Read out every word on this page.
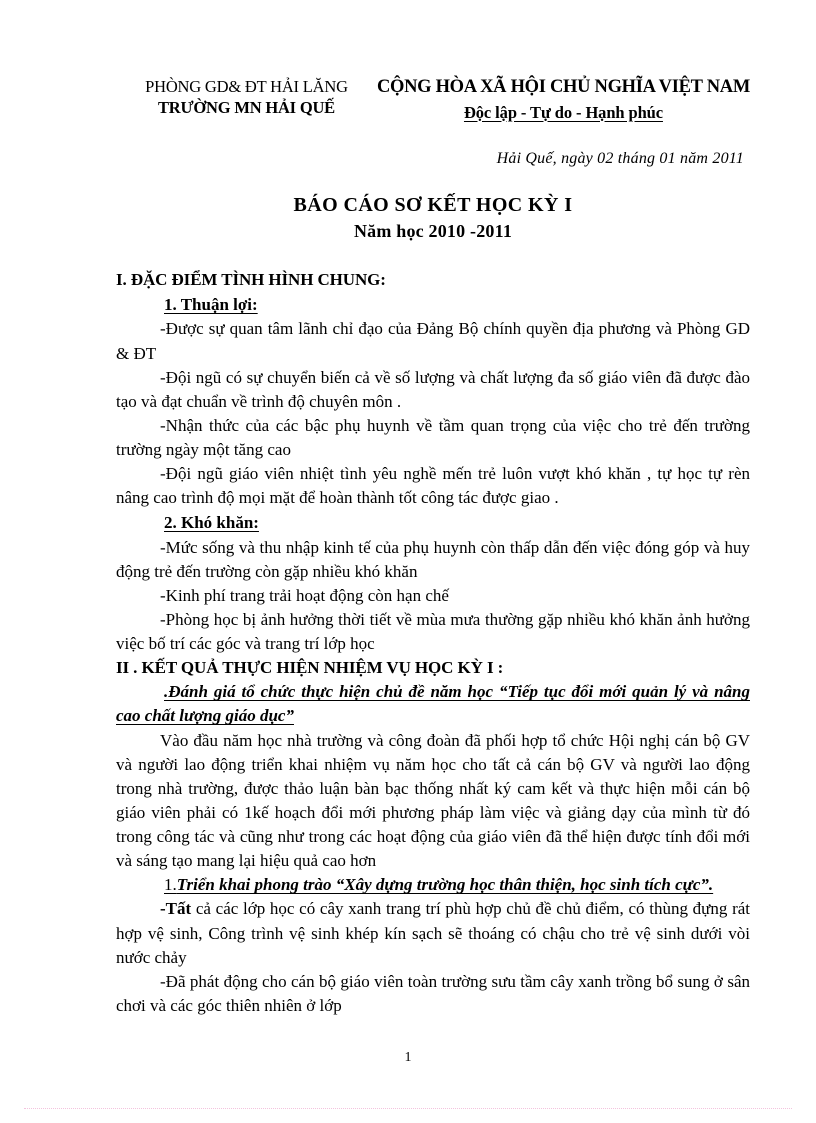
PHÒNG GD& ĐT HẢI LĂNG
TRƯỜNG MN HẢI QUẾ
CỘNG HÒA XÃ HỘI CHỦ NGHĨA VIỆT NAM
Độc lập - Tự do - Hạnh phúc
Hải Quế, ngày 02 tháng 01 năm 2011
BÁO CÁO SƠ KẾT HỌC KỲ I
Năm học 2010 -2011

I. ĐẶC ĐIỂM TÌNH HÌNH CHUNG:

1. Thuận lợi:

-Được sự quan tâm lãnh chỉ đạo của Đảng Bộ chính quyền địa phương và Phòng GD & ĐT

-Đội ngũ có sự chuyển biến cả về số lượng và chất lượng đa số giáo viên đã được đào tạo và đạt chuẩn về trình độ chuyên môn .

-Nhận thức của các bậc phụ huynh về tầm quan trọng của việc cho trẻ đến trường trường ngày một tăng cao

-Đội ngũ giáo viên nhiệt tình yêu nghề mến trẻ luôn vượt khó khăn , tự học tự rèn nâng cao trình độ mọi mặt để hoàn thành tốt công tác được giao .

2. Khó khăn:

-Mức sống và thu nhập kinh tế của phụ huynh còn thấp dẫn đến việc đóng góp và huy động trẻ đến trường còn gặp nhiều khó khăn

-Kinh phí trang trải hoạt động còn hạn chế

-Phòng học bị ảnh hưởng thời tiết về mùa mưa thường gặp nhiều khó khăn ảnh hưởng việc bố trí các góc và trang trí lớp học

II . KẾT QUẢ THỰC HIỆN NHIỆM VỤ HỌC KỲ I :

.Đánh giá tổ chức thực hiện chủ đề năm học “Tiếp tục đổi mới quản lý và nâng cao chất lượng giáo dục”

Vào đầu năm học nhà trường và công đoàn đã phối hợp tổ chức Hội nghị cán bộ GV và người lao động triển khai nhiệm vụ năm học cho tất cả cán bộ GV và người lao động trong nhà trường, được thảo luận bàn bạc thống nhất ký cam kết và thực hiện mỗi cán bộ giáo viên phải có 1kế hoạch đổi mới phương pháp làm việc và giảng dạy của mình từ đó trong công tác và cũng như trong các hoạt động của giáo viên đã thể hiện được tính đổi mới và sáng tạo mang lại hiệu quả cao hơn

1.Triển khai phong trào “Xây dựng trường học thân thiện, học sinh tích cực”.

-Tất cả các lớp học có cây xanh trang trí phù hợp chủ đề chủ điểm, có thùng đựng rát hợp vệ sinh, Công trình vệ sinh khép kín sạch sẽ thoáng có chậu cho trẻ vệ sinh dưới vòi nước chảy

-Đã phát động cho cán bộ giáo viên toàn trường sưu tầm cây xanh trồng bổ sung ở sân chơi và các góc thiên nhiên ở lớp

1
